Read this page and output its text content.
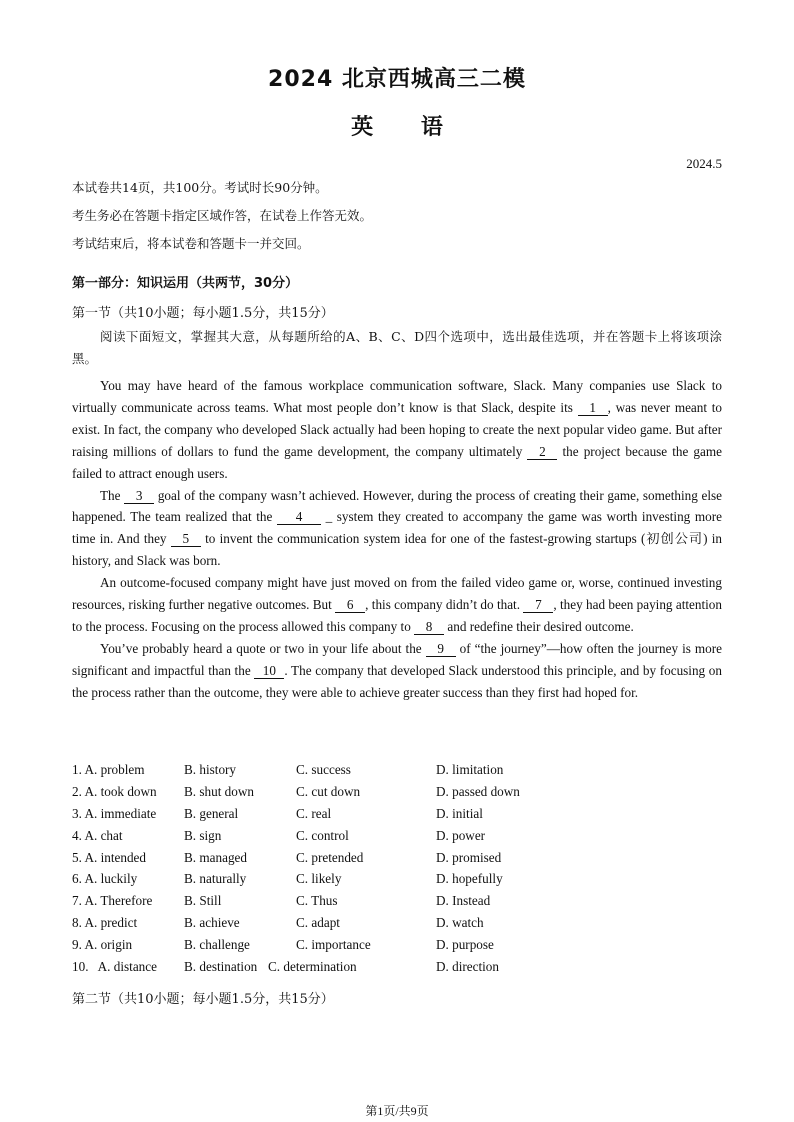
2024 北京西城高三二模
英 语
2024.5
本试卷共14页，共100分。考试时长90分钟。
考生务必在答题卡指定区域作答，在试卷上作答无效。
考试结束后，将本试卷和答题卡一并交回。
第一部分：知识运用（共两节，30分）
第一节（共10小题；每小题1.5分，共15分）
阅读下面短文，掌握其大意，从每题所给的A、B、C、D四个选项中，选出最佳选项，并在答题卡上将该项涂黑。

You may have heard of the famous workplace communication software, Slack. Many companies use Slack to virtually communicate across teams. What most people don’t know is that Slack, despite its 1 , was never meant to exist. In fact, the company who developed Slack actually had been hoping to create the next popular video game. But after raising millions of dollars to fund the game development, the company ultimately 2 the project because the game failed to attract enough users.

The 3 goal of the company wasn’t achieved. However, during the process of creating their game, something else happened. The team realized that the 4 _ system they created to accompany the game was worth investing more time in. And they 5 to invent the communication system idea for one of the fastest-growing startups (初创公司) in history, and Slack was born.

An outcome-focused company might have just moved on from the failed video game or, worse, continued investing resources, risking further negative outcomes. But 6 , this company didn’t do that. 7 , they had been paying attention to the process. Focusing on the process allowed this company to 8 and redefine their desired outcome.

You’ve probably heard a quote or two in your life about the 9 of “the journey”—how often the journey is more significant and impactful than the 10 . The company that developed Slack understood this principle, and by focusing on the process rather than the outcome, they were able to achieve greater success than they first had hoped for.

1. A. problem	B. history	C. success	D. limitation
2. A. took down B. shut down	C. cut down	D. passed down
3. A. immediate B. general	C. real	D. initial
4. A. chat	B. sign	C. control	D. power
5. A. intended	B. managed	C. pretended	D. promised
6. A. luckily	B. naturally	C. likely	D. hopefully
7. A. Therefore B. Still	C. Thus	D. Instead
8. A. predict	B. achieve	C. adapt	D. watch
9. A. origin	B. challenge	C. importance	D. purpose
10.   A. distance B. destination C. determination	D. direction
第二节（共10小题；每小题1.5分，共15分）
第1页/共9页
